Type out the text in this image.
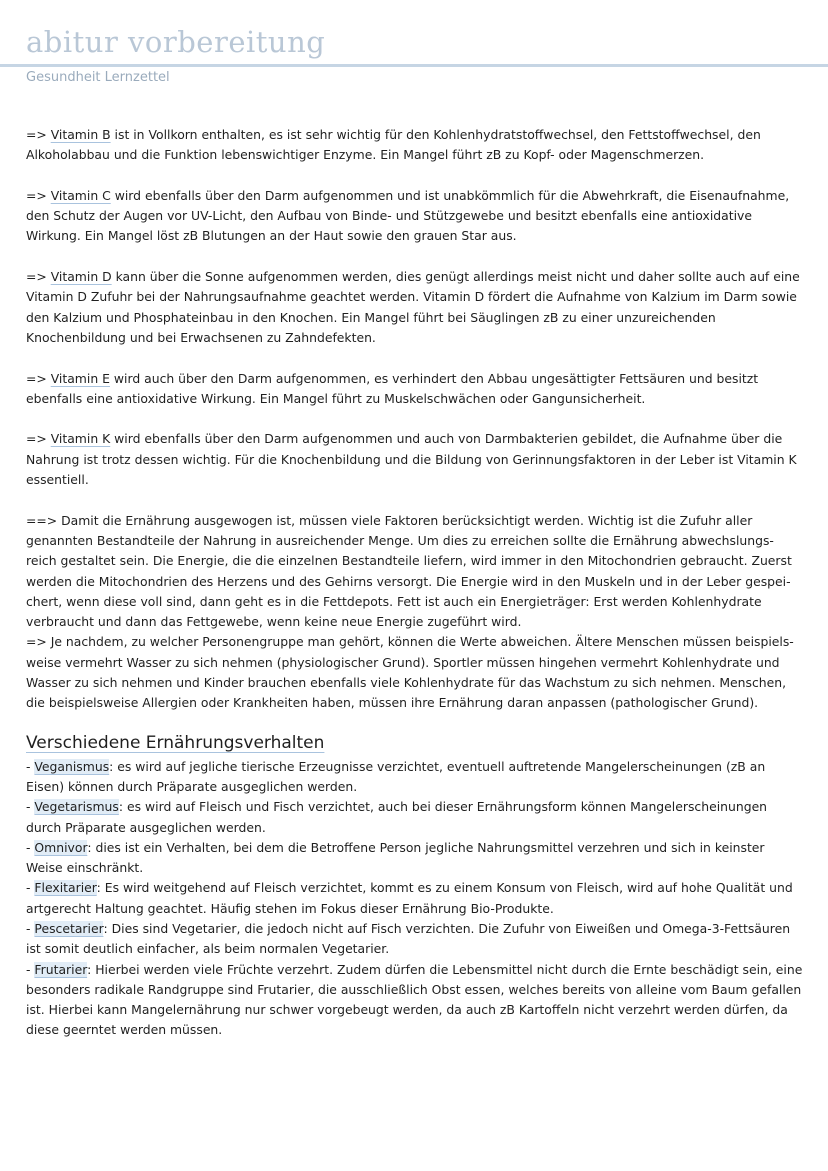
abitur vorbereitung
Gesundheit Lernzettel

=> Vitamin B ist in Vollkorn enthalten, es ist sehr wichtig für den Kohlenhydratstoffwechsel, den Fettstoffwechsel, den Alkoholabbau und die Funktion lebenswichtiger Enzyme. Ein Mangel führt zB zu Kopf- oder Magenschmerzen.

=> Vitamin C wird ebenfalls über den Darm aufgenommen und ist unabkömmlich für die Abwehrkraft, die Eisenaufnahme, den Schutz der Augen vor UV-Licht, den Aufbau von Binde- und Stützgewebe und besitzt ebenfalls eine antioxidative Wirkung. Ein Mangel löst zB Blutungen an der Haut sowie den grauen Star aus.

=> Vitamin D kann über die Sonne aufgenommen werden, dies genügt allerdings meist nicht und daher sollte auch auf eine Vitamin D Zufuhr bei der Nahrungsaufnahme geachtet werden. Vitamin D fördert die Aufnahme von Kalzium im Darm sowie den Kalzium und Phosphateinbau in den Knochen. Ein Mangel führt bei Säuglingen zB zu einer unzureichenden Knochenbildung und bei Erwachsenen zu Zahndefekten.

=> Vitamin E wird auch über den Darm aufgenommen, es verhindert den Abbau ungesättigter Fettsäuren und besitzt ebenfalls eine antioxidative Wirkung. Ein Mangel führt zu Muskelschwächen oder Gangunsicherheit.

=> Vitamin K wird ebenfalls über den Darm aufgenommen und auch von Darmbakterien gebildet, die Aufnahme über die Nahrung ist trotz dessen wichtig. Für die Knochenbildung und die Bildung von Gerinnungsfaktoren in der Leber ist Vitamin K essentiell.

==> Damit die Ernährung ausgewogen ist, müssen viele Faktoren berücksichtigt werden. Wichtig ist die Zufuhr aller genannten Bestandteile der Nahrung in ausreichender Menge. Um dies zu erreichen sollte die Ernährung abwechslungs-reich gestaltet sein. Die Energie, die die einzelnen Bestandteile liefern, wird immer in den Mitochondrien gebraucht. Zuerst werden die Mitochondrien des Herzens und des Gehirns versorgt. Die Energie wird in den Muskeln und in der Leber gespei-chert, wenn diese voll sind, dann geht es in die Fettdepots. Fett ist auch ein Energieträger: Erst werden Kohlenhydrate verbraucht und dann das Fettgewebe, wenn keine neue Energie zugeführt wird.

=> Je nachdem, zu welcher Personengruppe man gehört, können die Werte abweichen. Ältere Menschen müssen beispiels-weise vermehrt Wasser zu sich nehmen (physiologischer Grund). Sportler müssen hingehen vermehrt Kohlenhydrate und Wasser zu sich nehmen und Kinder brauchen ebenfalls viele Kohlenhydrate für das Wachstum zu sich nehmen. Menschen, die beispielsweise Allergien oder Krankheiten haben, müssen ihre Ernährung daran anpassen (pathologischer Grund).

Verschiedene Ernährungsverhalten
- Veganismus: es wird auf jegliche tierische Erzeugnisse verzichtet, eventuell auftretende Mangelerscheinungen (zB an Eisen) können durch Präparate ausgeglichen werden.
- Vegetarismus: es wird auf Fleisch und Fisch verzichtet, auch bei dieser Ernährungsform können Mangelerscheinungen durch Präparate ausgeglichen werden.
- Omnivor: dies ist ein Verhalten, bei dem die Betroffene Person jegliche Nahrungsmittel verzehren und sich in keinster Weise einschränkt.
- Flexitarier: Es wird weitgehend auf Fleisch verzichtet, kommt es zu einem Konsum von Fleisch, wird auf hohe Qualität und artgerecht Haltung geachtet. Häufig stehen im Fokus dieser Ernährung Bio-Produkte.
- Pescetarier: Dies sind Vegetarier, die jedoch nicht auf Fisch verzichten. Die Zufuhr von Eiweißen und Omega-3-Fettsäuren ist somit deutlich einfacher, als beim normalen Vegetarier.
- Frutarier: Hierbei werden viele Früchte verzehrt. Zudem dürfen die Lebensmittel nicht durch die Ernte beschädigt sein, eine besonders radikale Randgruppe sind Frutarier, die ausschließlich Obst essen, welches bereits von alleine vom Baum gefallen ist. Hierbei kann Mangelernährung nur schwer vorgebeugt werden, da auch zB Kartoffeln nicht verzehrt werden dürfen, da diese geerntet werden müssen.
